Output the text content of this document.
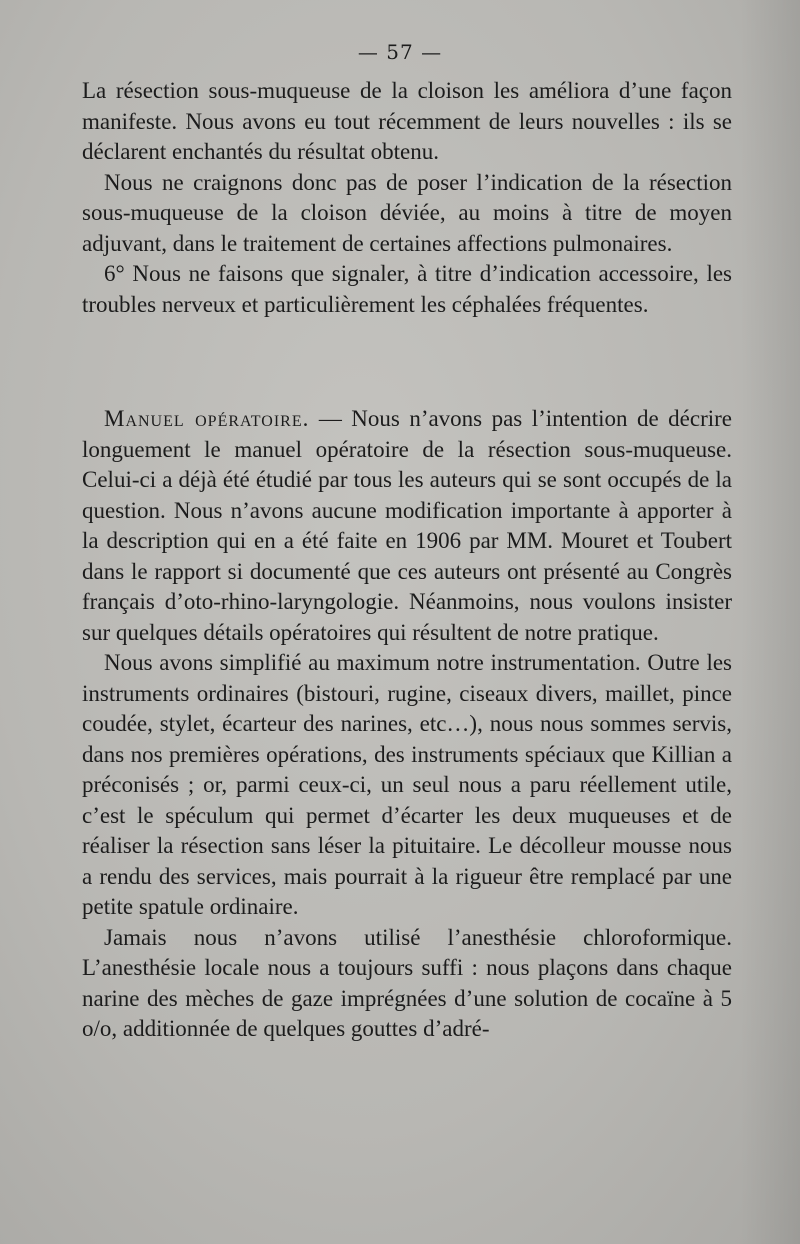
— 57 —

La résection sous-muqueuse de la cloison les améliora d’une façon manifeste. Nous avons eu tout récemment de leurs nouvelles : ils se déclarent enchantés du résultat obtenu.

Nous ne craignons donc pas de poser l’indication de la résection sous-muqueuse de la cloison déviée, au moins à titre de moyen adjuvant, dans le traitement de certaines affections pulmonaires.

6° Nous ne faisons que signaler, à titre d’indication accessoire, les troubles nerveux et particulièrement les céphalées fréquentes.

Manuel opératoire. — Nous n’avons pas l’intention de décrire longuement le manuel opératoire de la résection sous-muqueuse. Celui-ci a déjà été étudié par tous les auteurs qui se sont occupés de la question. Nous n’avons aucune modification importante à apporter à la description qui en a été faite en 1906 par MM. Mouret et Toubert dans le rapport si documenté que ces auteurs ont présenté au Congrès français d’oto-rhino-laryngologie. Néanmoins, nous voulons insister sur quelques détails opératoires qui résultent de notre pratique.

Nous avons simplifié au maximum notre instrumentation. Outre les instruments ordinaires (bistouri, rugine, ciseaux divers, maillet, pince coudée, stylet, écarteur des narines, etc…), nous nous sommes servis, dans nos premières opérations, des instruments spéciaux que Killian a préconisés ; or, parmi ceux-ci, un seul nous a paru réellement utile, c’est le spéculum qui permet d’écarter les deux muqueuses et de réaliser la résection sans léser la pituitaire. Le décolleur mousse nous a rendu des services, mais pourrait à la rigueur être remplacé par une petite spatule ordinaire.

Jamais nous n’avons utilisé l’anesthésie chloroformique. L’anesthésie locale nous a toujours suffi : nous plaçons dans chaque narine des mèches de gaze imprégnées d’une solution de cocaïne à 5 o/o, additionnée de quelques gouttes d’adré-
